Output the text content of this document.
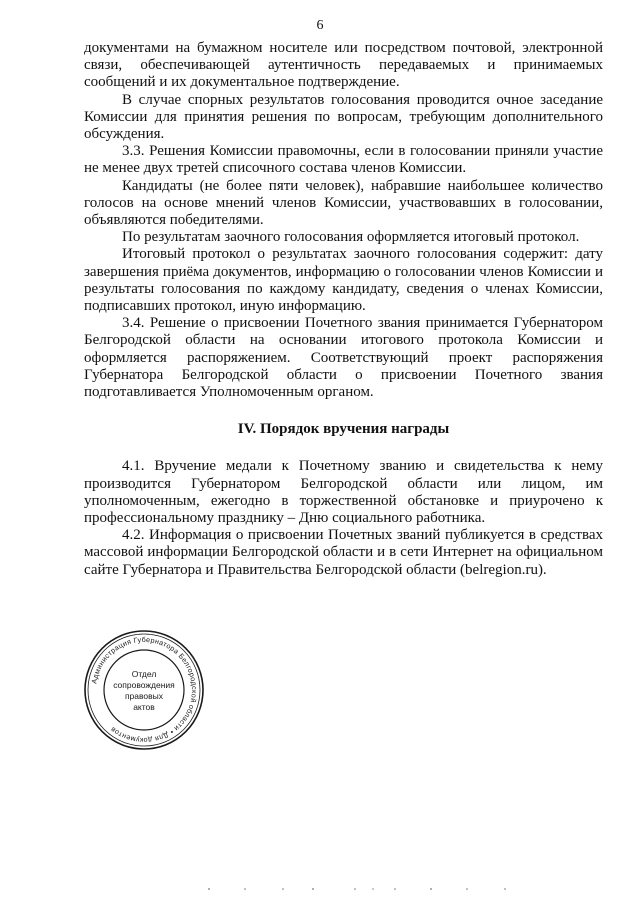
6

документами на бумажном носителе или посредством почтовой, электронной связи, обеспечивающей аутентичность передаваемых и принимаемых сообщений и их документальное подтверждение.

В случае спорных результатов голосования проводится очное заседание Комиссии для принятия решения по вопросам, требующим дополнительного обсуждения.

3.3. Решения Комиссии правомочны, если в голосовании приняли участие не менее двух третей списочного состава членов Комиссии.

Кандидаты (не более пяти человек), набравшие наибольшее количество голосов на основе мнений членов Комиссии, участвовавших в голосовании, объявляются победителями.

По результатам заочного голосования оформляется итоговый протокол.

Итоговый протокол о результатах заочного голосования содержит: дату завершения приёма документов, информацию о голосовании членов Комиссии и результаты голосования по каждому кандидату, сведения о членах Комиссии, подписавших протокол, иную информацию.

3.4. Решение о присвоении Почетного звания принимается Губернатором Белгородской области на основании итогового протокола Комиссии и оформляется распоряжением. Соответствующий проект распоряжения Губернатора Белгородской области о присвоении Почетного звания подготавливается Уполномоченным органом.

IV. Порядок вручения награды

4.1. Вручение медали к Почетному званию и свидетельства к нему производится Губернатором Белгородской области или лицом, им уполномоченным, ежегодно в торжественной обстановке и приурочено к профессиональному празднику – Дню социального работника.

4.2. Информация о присвоении Почетных званий публикуется в средствах массовой информации Белгородской области и в сети Интернет на официальном сайте Губернатора и Правительства Белгородской области (belregion.ru).

Администрация Губернатора Белгородской области • Для документов
Отдел
сопровождения
правовых
актов
